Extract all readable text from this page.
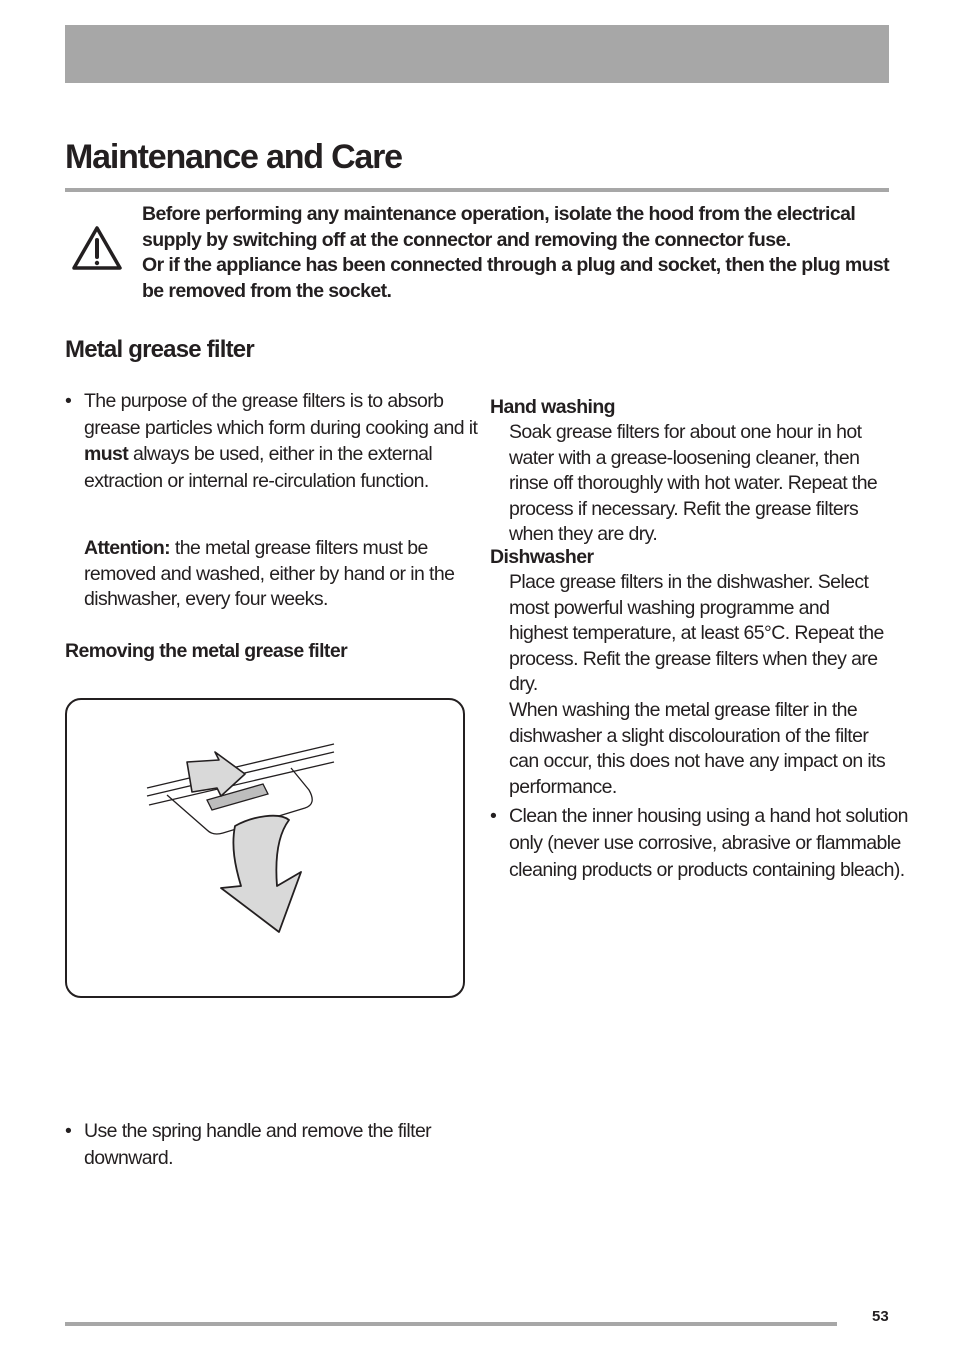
Maintenance and Care

Before performing any maintenance operation, isolate the hood from the electrical supply by switching off at the connector and removing the connector fuse.

Or if the appliance has been connected through a plug and socket, then the plug must be removed from the socket.

Metal grease filter
• The purpose of the grease filters is to absorb grease particles which form during cooking and it must always be used, either in the external extraction or internal re-circulation function.
Attention: the metal grease filters must be removed and washed, either by hand or in the dishwasher, every four weeks.
Removing the metal grease filter
• Use the spring handle and remove the filter downward.

Hand washing

Soak grease filters for about one hour in hot water with a grease-loosening cleaner, then rinse off thoroughly with hot water. Repeat the process if necessary. Refit the grease filters when they are dry.

Dishwasher

Place grease filters in the dishwasher. Select most powerful washing programme and highest temperature, at least 65°C. Repeat the process. Refit the grease filters when they are dry.

When washing the metal grease filter in the dishwasher a slight discolouration of the filter can occur, this does not have any impact on its performance.

• Clean the inner housing using a hand hot solution only (never use corrosive, abrasive or flammable cleaning products or products containing bleach).
53
